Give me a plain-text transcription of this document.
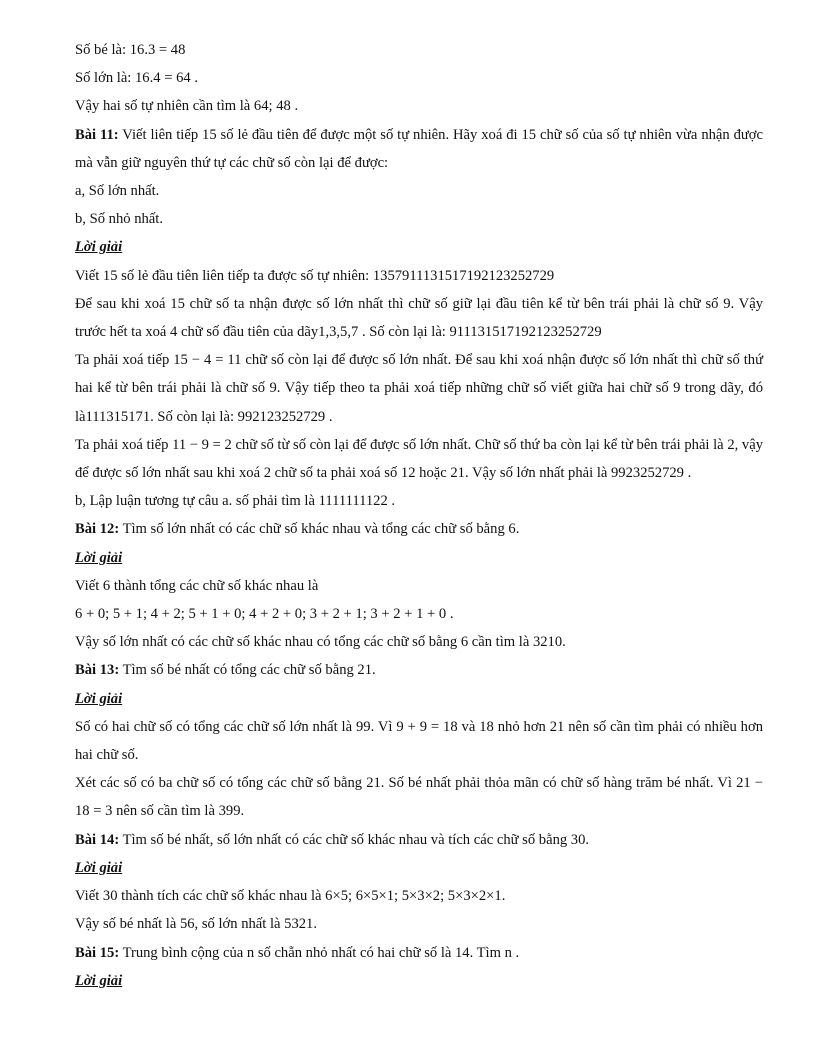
Số bé là: 16.3 = 48
Số lớn là: 16.4 = 64 .
Vậy hai số tự nhiên cần tìm là 64; 48 .
Bài 11: Viết liên tiếp 15 số lẻ đầu tiên để được một số tự nhiên. Hãy xoá đi 15 chữ số của số tự nhiên vừa nhận được mà vẫn giữ nguyên thứ tự các chữ số còn lại để được:
a, Số lớn nhất.
b, Số nhỏ nhất.
Lời giải
Viết 15 số lẻ đầu tiên liên tiếp ta được số tự nhiên: 1357911131517192123252729
Để sau khi xoá 15 chữ số ta nhận được số lớn nhất thì chữ số giữ lại đầu tiên kể từ bên trái phải là chữ số 9. Vậy trước hết ta xoá 4 chữ số đầu tiên của dãy1,3,5,7 . Số còn lại là: 911131517192123252729
Ta phải xoá tiếp 15 − 4 = 11 chữ số còn lại để được số lớn nhất. Để sau khi xoá nhận được số lớn nhất thì chữ số thứ hai kể từ bên trái phải là chữ số 9. Vậy tiếp theo ta phải xoá tiếp những chữ số viết giữa hai chữ số 9 trong dãy, đó là111315171. Số còn lại là: 992123252729 .
Ta phải xoá tiếp 11 − 9 = 2 chữ số từ số còn lại để được số lớn nhất. Chữ số thứ ba còn lại kể từ bên trái phải là 2, vậy để được số lớn nhất sau khi xoá 2 chữ số ta phải xoá số 12 hoặc 21. Vậy số lớn nhất phải là 9923252729 .
b, Lập luận tương tự câu a. số phải tìm là 1111111122 .
Bài 12: Tìm số lớn nhất có các chữ số khác nhau và tổng các chữ số bằng 6.
Lời giải
Viết 6 thành tổng các chữ số khác nhau là
6 + 0; 5 + 1; 4 + 2; 5 + 1 + 0; 4 + 2 + 0; 3 + 2 + 1; 3 + 2 + 1 + 0 .
Vậy số lớn nhất có các chữ số khác nhau có tổng các chữ số bằng 6 cần tìm là 3210.
Bài 13: Tìm số bé nhất có tổng các chữ số bằng 21.
Lời giải
Số có hai chữ số có tổng các chữ số lớn nhất là 99. Vì 9 + 9 = 18 và 18 nhỏ hơn 21 nên số cần tìm phải có nhiều hơn hai chữ số.
Xét các số có ba chữ số có tổng các chữ số bằng 21. Số bé nhất phải thỏa mãn có chữ số hàng trăm bé nhất. Vì 21 − 18 = 3 nên số cần tìm là 399.
Bài 14: Tìm số bé nhất, số lớn nhất có các chữ số khác nhau và tích các chữ số bằng 30.
Lời giải
Viết 30 thành tích các chữ số khác nhau là 6×5; 6×5×1; 5×3×2; 5×3×2×1.
Vậy số bé nhất là 56, số lớn nhất là 5321.
Bài 15: Trung bình cộng của n số chẵn nhỏ nhất có hai chữ số là 14. Tìm n .
Lời giải
